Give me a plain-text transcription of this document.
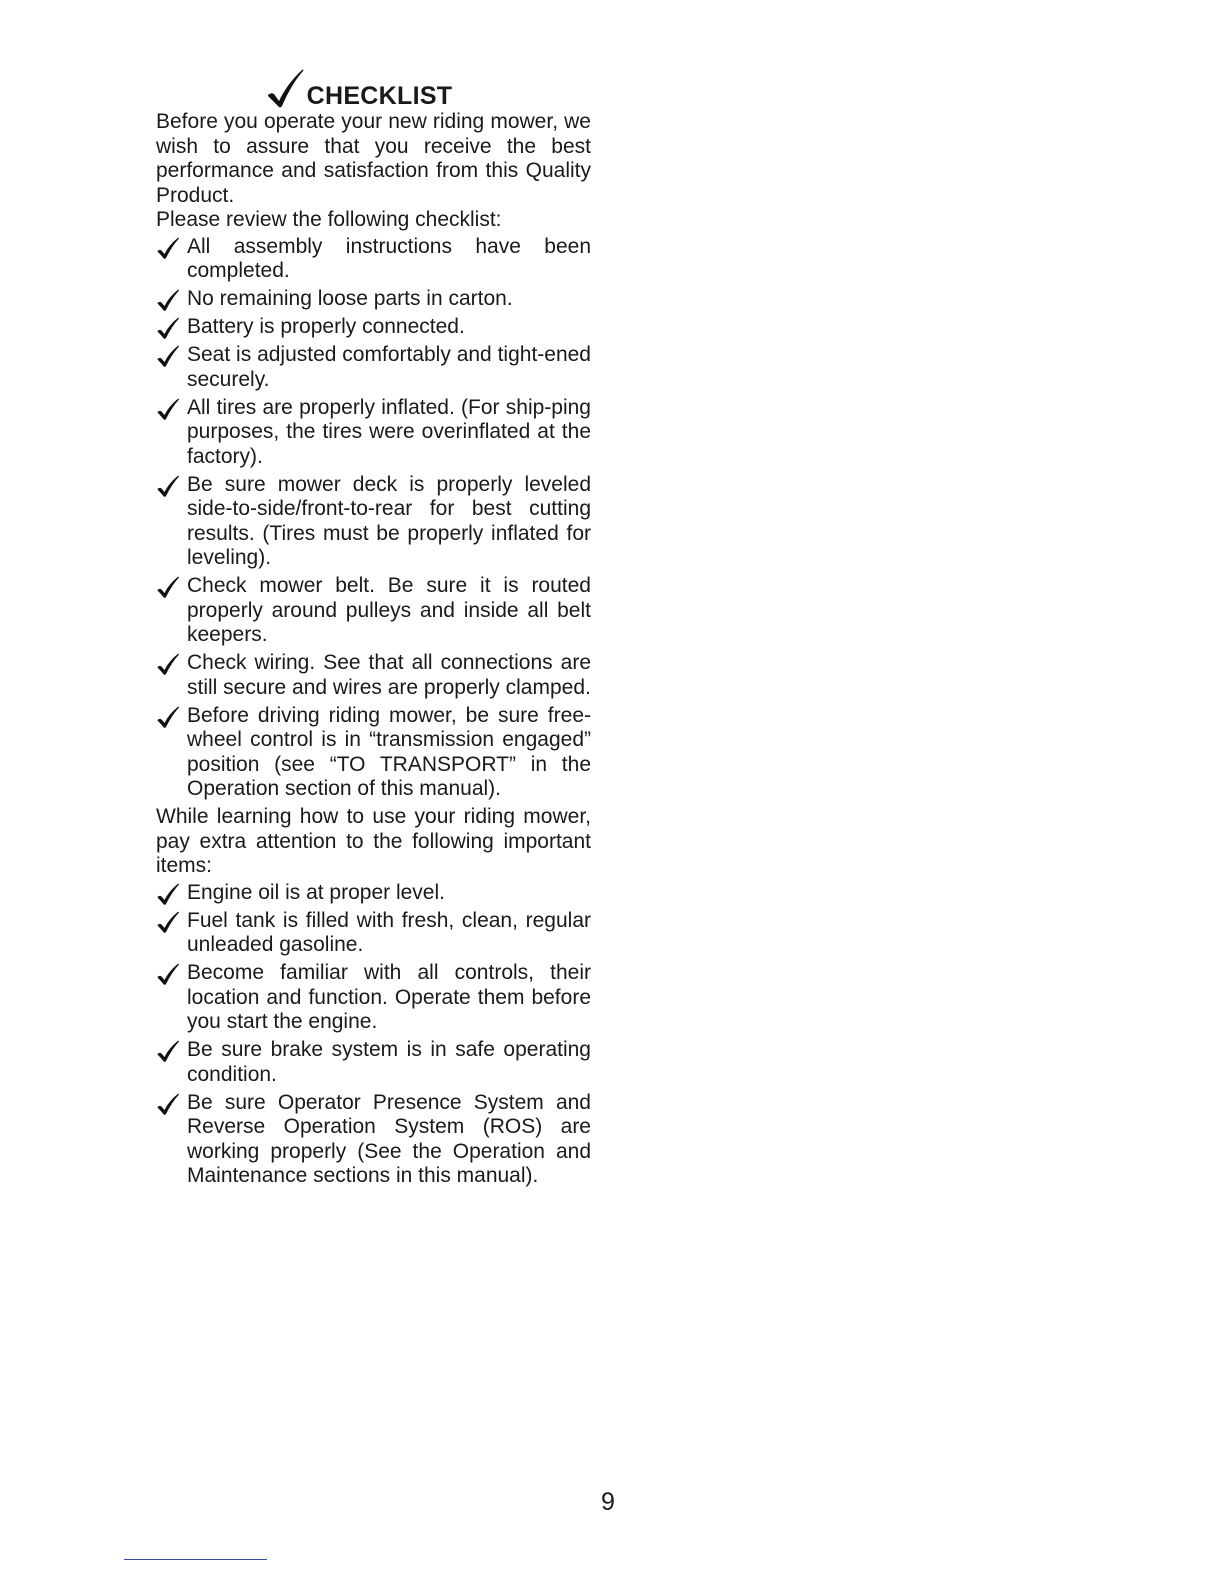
CHECKLIST

Before you operate your new riding mower, we wish to assure that you receive the best performance and satisfaction from this Quality Product.

Please review the following checklist:

All assembly instructions have been completed.
No remaining loose parts in carton.
Battery is properly connected.
Seat is adjusted comfortably and tight-ened securely.
All tires are properly inflated. (For ship-ping purposes, the tires were overinflated at the factory).
Be sure mower deck is properly leveled side-to-side/front-to-rear for best cutting results. (Tires must be properly inflated for leveling).
Check mower belt. Be sure it is routed properly around pulleys and inside all belt keepers.
Check wiring. See that all connections are still secure and wires are properly clamped.
Before driving riding mower, be sure free-wheel control is in “transmission engaged” position (see “TO TRANSPORT” in the Operation section of this manual).

While learning how to use your riding mower, pay extra attention to the following important items:

Engine oil is at proper level.
Fuel tank is filled with fresh, clean, regular unleaded gasoline.
Become familiar with all controls, their location and function. Operate them before you start the engine.
Be sure brake system is in safe operating condition.
Be sure Operator Presence System and Reverse Operation System (ROS) are working properly (See the Operation and Maintenance sections in this manual).
9
